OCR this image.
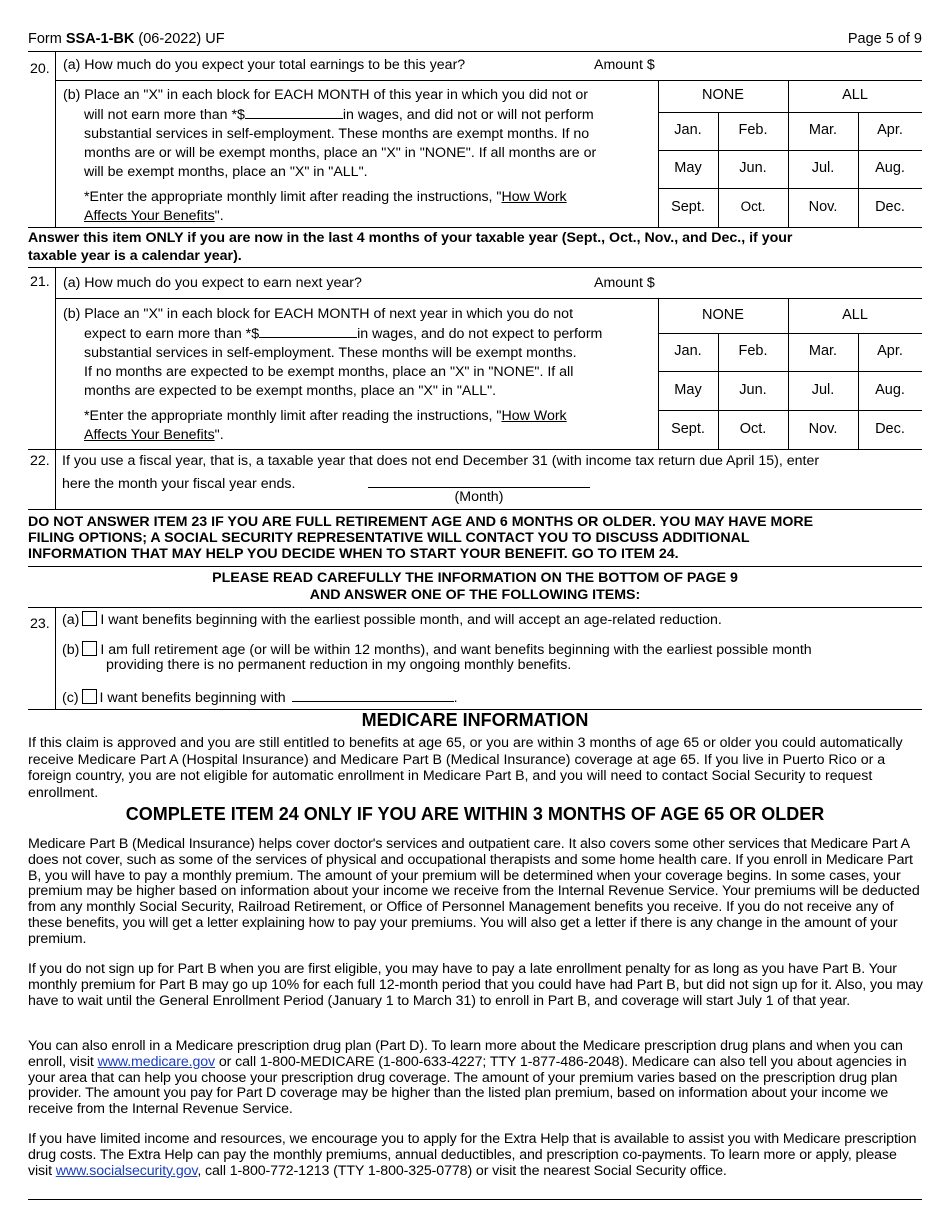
Form SSA-1-BK (06-2022) UF	Page 5 of 9
20. (a) How much do you expect your total earnings to be this year?	Amount $
(b) Place an "X" in each block for EACH MONTH of this year in which you did not or
will not earn more than *$	in wages, and did not or will not perform
substantial services in self-employment. These months are exempt months. If no
months are or will be exempt months, place an "X" in "NONE". If all months are or
will be exempt months, place an "X" in "ALL".
*Enter the appropriate monthly limit after reading the instructions, "How Work
Affects Your Benefits".
NONE	ALL
Jan.	Feb.	Mar.	Apr.
May	Jun.	Jul.	Aug.
Sept.	Oct.	Nov.	Dec.
Answer this item ONLY if you are now in the last 4 months of your taxable year (Sept., Oct., Nov., and Dec., if your
taxable year is a calendar year).
21. (a) How much do you expect to earn next year?	Amount $
(b) Place an "X" in each block for EACH MONTH of next year in which you do not
expect to earn more than *$	in wages, and do not expect to perform
substantial services in self-employment. These months will be exempt months.
If no months are expected to be exempt months, place an "X" in "NONE". If all
months are expected to be exempt months, place an "X" in "ALL".
*Enter the appropriate monthly limit after reading the instructions, "How Work
Affects Your Benefits".
NONE	ALL
Jan.	Feb.	Mar.	Apr.
May	Jun.	Jul.	Aug.
Sept.	Oct.	Nov.	Dec.
22. If you use a fiscal year, that is, a taxable year that does not end December 31 (with income tax return due April 15), enter
here the month your fiscal year ends.
(Month)
DO NOT ANSWER ITEM 23 IF YOU ARE FULL RETIREMENT AGE AND 6 MONTHS OR OLDER. YOU MAY HAVE MORE
FILING OPTIONS; A SOCIAL SECURITY REPRESENTATIVE WILL CONTACT YOU TO DISCUSS ADDITIONAL
INFORMATION THAT MAY HELP YOU DECIDE WHEN TO START YOUR BENEFIT. GO TO ITEM 24.
PLEASE READ CAREFULLY THE INFORMATION ON THE BOTTOM OF PAGE 9
AND ANSWER ONE OF THE FOLLOWING ITEMS:
23. (a) I want benefits beginning with the earliest possible month, and will accept an age-related reduction.
(b) I am full retirement age (or will be within 12 months), and want benefits beginning with the earliest possible month
providing there is no permanent reduction in my ongoing monthly benefits.
(c) I want benefits beginning with	.
MEDICARE INFORMATION
If this claim is approved and you are still entitled to benefits at age 65, or you are within 3 months of age 65 or older you could automatically receive Medicare Part A (Hospital Insurance) and Medicare Part B (Medical Insurance) coverage at age 65. If you live in Puerto Rico or a foreign country, you are not eligible for automatic enrollment in Medicare Part B, and you will need to contact Social Security to request enrollment.
COMPLETE ITEM 24 ONLY IF YOU ARE WITHIN 3 MONTHS OF AGE 65 OR OLDER
Medicare Part B (Medical Insurance) helps cover doctor's services and outpatient care. It also covers some other services that Medicare Part A does not cover, such as some of the services of physical and occupational therapists and some home health care. If you enroll in Medicare Part B, you will have to pay a monthly premium. The amount of your premium will be determined when your coverage begins. In some cases, your premium may be higher based on information about your income we receive from the Internal Revenue Service. Your premiums will be deducted from any monthly Social Security, Railroad Retirement, or Office of Personnel Management benefits you receive. If you do not receive any of these benefits, you will get a letter explaining how to pay your premiums. You will also get a letter if there is any change in the amount of your premium.
If you do not sign up for Part B when you are first eligible, you may have to pay a late enrollment penalty for as long as you have Part B. Your monthly premium for Part B may go up 10% for each full 12-month period that you could have had Part B, but did not sign up for it. Also, you may have to wait until the General Enrollment Period (January 1 to March 31) to enroll in Part B, and coverage will start July 1 of that year.
You can also enroll in a Medicare prescription drug plan (Part D). To learn more about the Medicare prescription drug plans and when you can enroll, visit www.medicare.gov or call 1-800-MEDICARE (1-800-633-4227; TTY 1-877-486-2048). Medicare can also tell you about agencies in your area that can help you choose your prescription drug coverage. The amount of your premium varies based on the prescription drug plan provider. The amount you pay for Part D coverage may be higher than the listed plan premium, based on information about your income we receive from the Internal Revenue Service.
If you have limited income and resources, we encourage you to apply for the Extra Help that is available to assist you with Medicare prescription drug costs. The Extra Help can pay the monthly premiums, annual deductibles, and prescription co-payments. To learn more or apply, please visit www.socialsecurity.gov, call 1-800-772-1213 (TTY 1-800-325-0778) or visit the nearest Social Security office.
